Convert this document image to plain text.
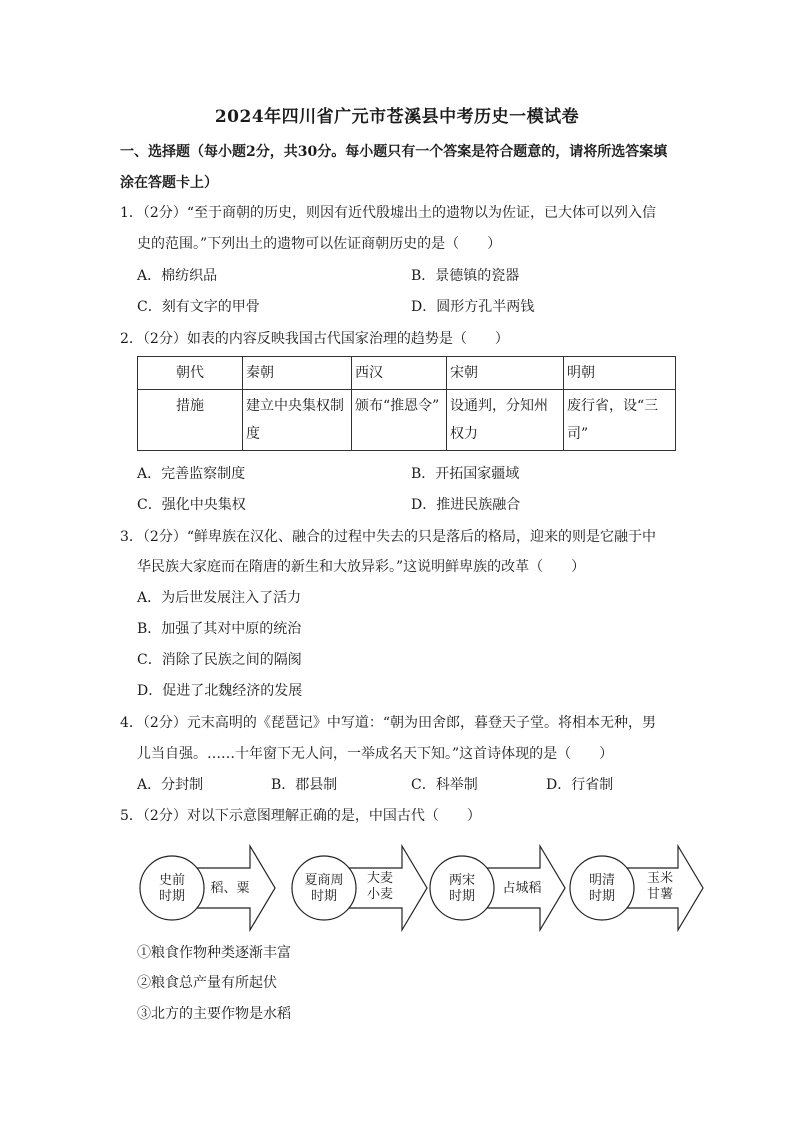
2024年四川省广元市苍溪县中考历史一模试卷
一、选择题（每小题2分，共30分。每小题只有一个答案是符合题意的，请将所选答案填
涂在答题卡上）
1．（2分）“至于商朝的历史，则因有近代殷墟出土的遗物以为佐证，已大体可以列入信
史的范围。”下列出土的遗物可以佐证商朝历史的是（　　）
A．棉纺织品	B．景德镇的瓷器
C．刻有文字的甲骨	D．圆形方孔半两钱
2．（2分）如表的内容反映我国古代国家治理的趋势是（　　）
朝代	秦朝	西汉	宋朝	明朝
措施	建立中央集权制度	颁布“推恩令”	设通判，分知州权力	废行省，设“三司”
A．完善监察制度	B．开拓国家疆域
C．强化中央集权	D．推进民族融合
3．（2分）“鲜卑族在汉化、融合的过程中失去的只是落后的格局，迎来的则是它融于中
华民族大家庭而在隋唐的新生和大放异彩。”这说明鲜卑族的改革（　　）
A．为后世发展注入了活力
B．加强了其对中原的统治
C．消除了民族之间的隔阂
D．促进了北魏经济的发展
4．（2分）元末高明的《琵琶记》中写道：“朝为田舍郎，暮登天子堂。将相本无种，男
儿当自强。……十年窗下无人问，一举成名天下知。”这首诗体现的是（　　）
A．分封制	B．郡县制	C．科举制	D．行省制
5．（2分）对以下示意图理解正确的是，中国古代（　　）
史前
时期
稻、粟
夏商周
时期
大麦
小麦
两宋
时期
占城稻
明清
时期
玉米
甘薯
①粮食作物种类逐渐丰富
②粮食总产量有所起伏
③北方的主要作物是水稻
